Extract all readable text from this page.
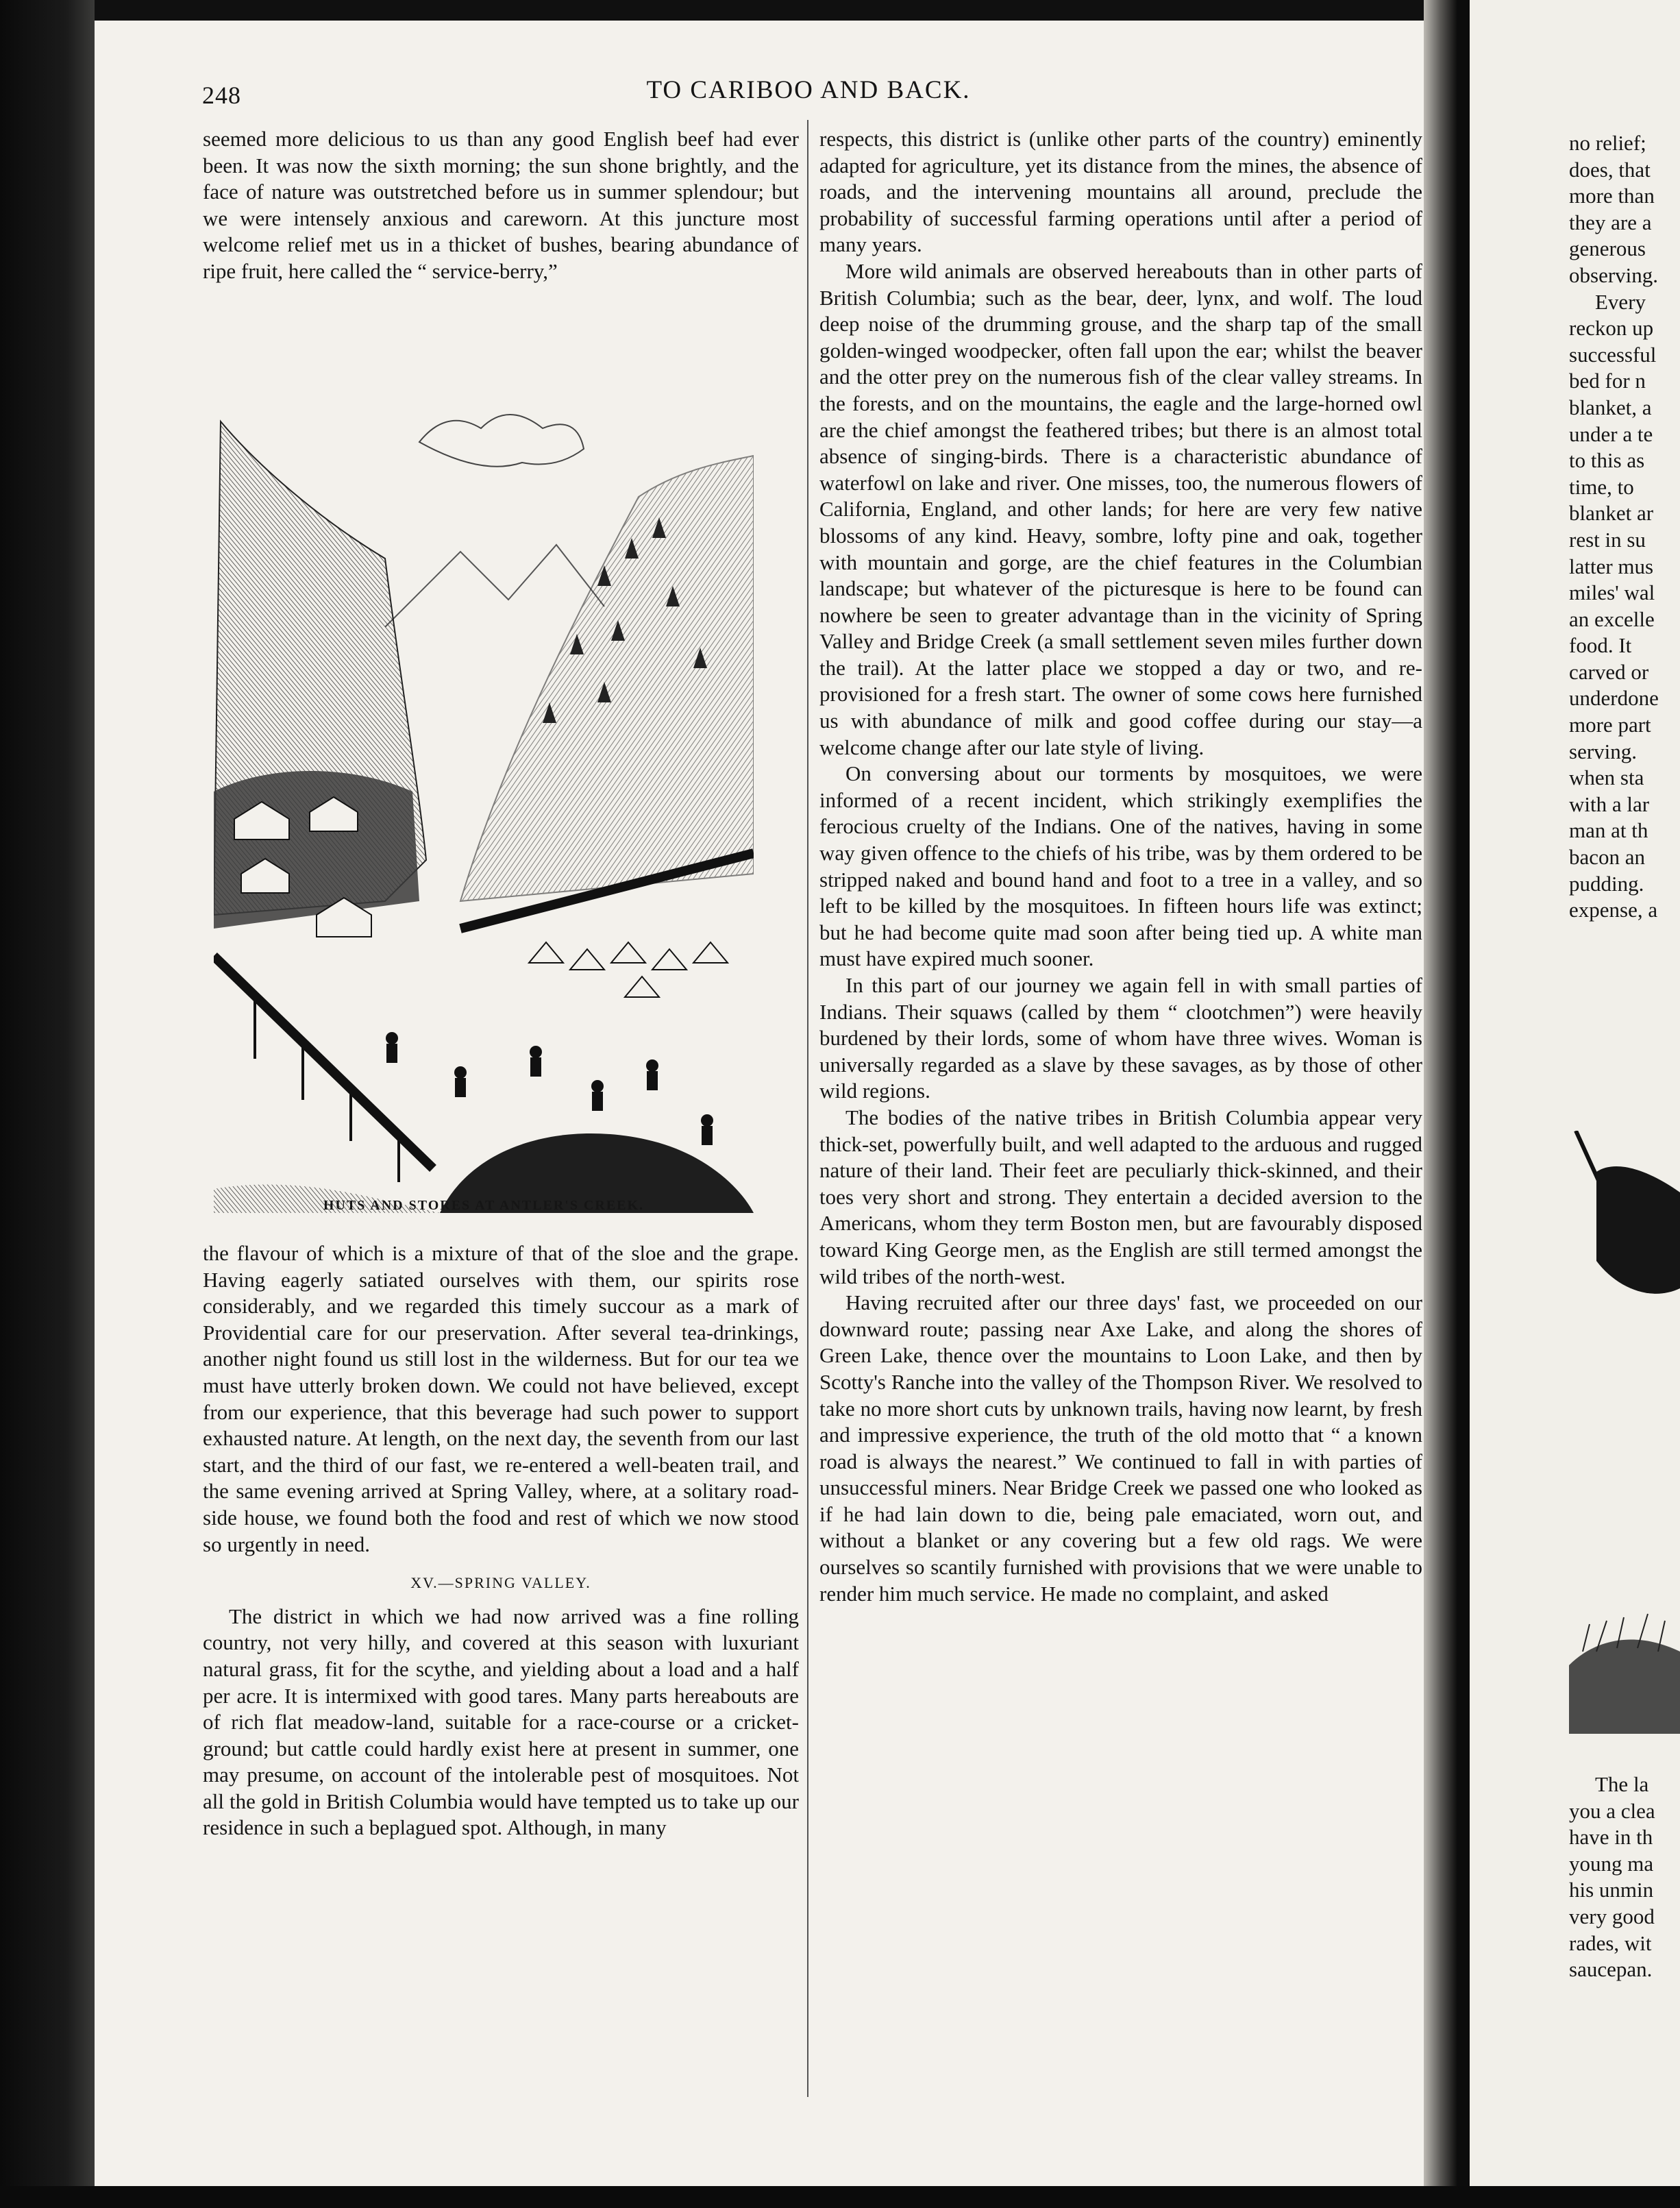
248	TO CARIBOO AND BACK.

seemed more delicious to us than any good English beef had ever been. It was now the sixth morning; the sun shone brightly, and the face of nature was outstretched before us in summer splendour; but we were intensely anxious and careworn. At this juncture most welcome relief met us in a thicket of bushes, bearing abundance of ripe fruit, here called the “ service-berry,”

HUTS AND STORES AT ANTLER'S CREEK.

the flavour of which is a mixture of that of the sloe and the grape. Having eagerly satiated ourselves with them, our spirits rose considerably, and we regarded this timely succour as a mark of Providential care for our preservation. After several tea-drinkings, another night found us still lost in the wilderness. But for our tea we must have utterly broken down. We could not have believed, except from our experience, that this beverage had such power to support exhausted nature. At length, on the next day, the seventh from our last start, and the third of our fast, we re-entered a well-beaten trail, and the same evening arrived at Spring Valley, where, at a solitary road-side house, we found both the food and rest of which we now stood so urgently in need.

XV.—SPRING VALLEY.

The district in which we had now arrived was a fine rolling country, not very hilly, and covered at this season with luxuriant natural grass, fit for the scythe, and yielding about a load and a half per acre. It is intermixed with good tares. Many parts hereabouts are of rich flat meadow-land, suitable for a race-course or a cricket-ground; but cattle could hardly exist here at present in summer, one may presume, on account of the intolerable pest of mosquitoes. Not all the gold in British Columbia would have tempted us to take up our residence in such a beplagued spot. Although, in many

respects, this district is (unlike other parts of the country) eminently adapted for agriculture, yet its distance from the mines, the absence of roads, and the intervening mountains all around, preclude the probability of successful farming operations until after a period of many years.

More wild animals are observed hereabouts than in other parts of British Columbia; such as the bear, deer, lynx, and wolf. The loud deep noise of the drumming grouse, and the sharp tap of the small golden-winged woodpecker, often fall upon the ear; whilst the beaver and the otter prey on the numerous fish of the clear valley streams. In the forests, and on the mountains, the eagle and the large-horned owl are the chief amongst the feathered tribes; but there is an almost total absence of singing-birds. There is a characteristic abundance of waterfowl on lake and river. One misses, too, the numerous flowers of California, England, and other lands; for here are very few native blossoms of any kind. Heavy, sombre, lofty pine and oak, together with mountain and gorge, are the chief features in the Columbian landscape; but whatever of the picturesque is here to be found can nowhere be seen to greater advantage than in the vicinity of Spring Valley and Bridge Creek (a small settlement seven miles further down the trail). At the latter place we stopped a day or two, and re-provisioned for a fresh start. The owner of some cows here furnished us with abundance of milk and good coffee during our stay—a welcome change after our late style of living.

On conversing about our torments by mosquitoes, we were informed of a recent incident, which strikingly exemplifies the ferocious cruelty of the Indians. One of the natives, having in some way given offence to the chiefs of his tribe, was by them ordered to be stripped naked and bound hand and foot to a tree in a valley, and so left to be killed by the mosquitoes. In fifteen hours life was extinct; but he had become quite mad soon after being tied up. A white man must have expired much sooner.

In this part of our journey we again fell in with small parties of Indians. Their squaws (called by them “ clootchmen”) were heavily burdened by their lords, some of whom have three wives. Woman is universally regarded as a slave by these savages, as by those of other wild regions.

The bodies of the native tribes in British Columbia appear very thick-set, powerfully built, and well adapted to the arduous and rugged nature of their land. Their feet are peculiarly thick-skinned, and their toes very short and strong. They entertain a decided aversion to the Americans, whom they term Boston men, but are favourably disposed toward King George men, as the English are still termed amongst the wild tribes of the north-west.

Having recruited after our three days' fast, we proceeded on our downward route; passing near Axe Lake, and along the shores of Green Lake, thence over the mountains to Loon Lake, and then by Scotty's Ranche into the valley of the Thompson River. We resolved to take no more short cuts by unknown trails, having now learnt, by fresh and impressive experience, the truth of the old motto that “ a known road is always the nearest.” We continued to fall in with parties of unsuccessful miners. Near Bridge Creek we passed one who looked as if he had lain down to die, being pale emaciated, worn out, and without a blanket or any covering but a few old rags. We were ourselves so scantily furnished with provisions that we were unable to render him much service. He made no complaint, and asked

no relief;
does, that
more than
they are a
generous
observing.
Every
reckon up
successful
bed for n
blanket, a
under a te
to this as
time, to
blanket ar
rest in su
latter mus
miles' wal
an excelle
food. It
carved or
underdone
more part
serving.
when sta
with a lar
man at th
bacon an
pudding.
expense, a
The la
you a clea
have in th
young ma
his unmin
very good
rades, wit
saucepan.
